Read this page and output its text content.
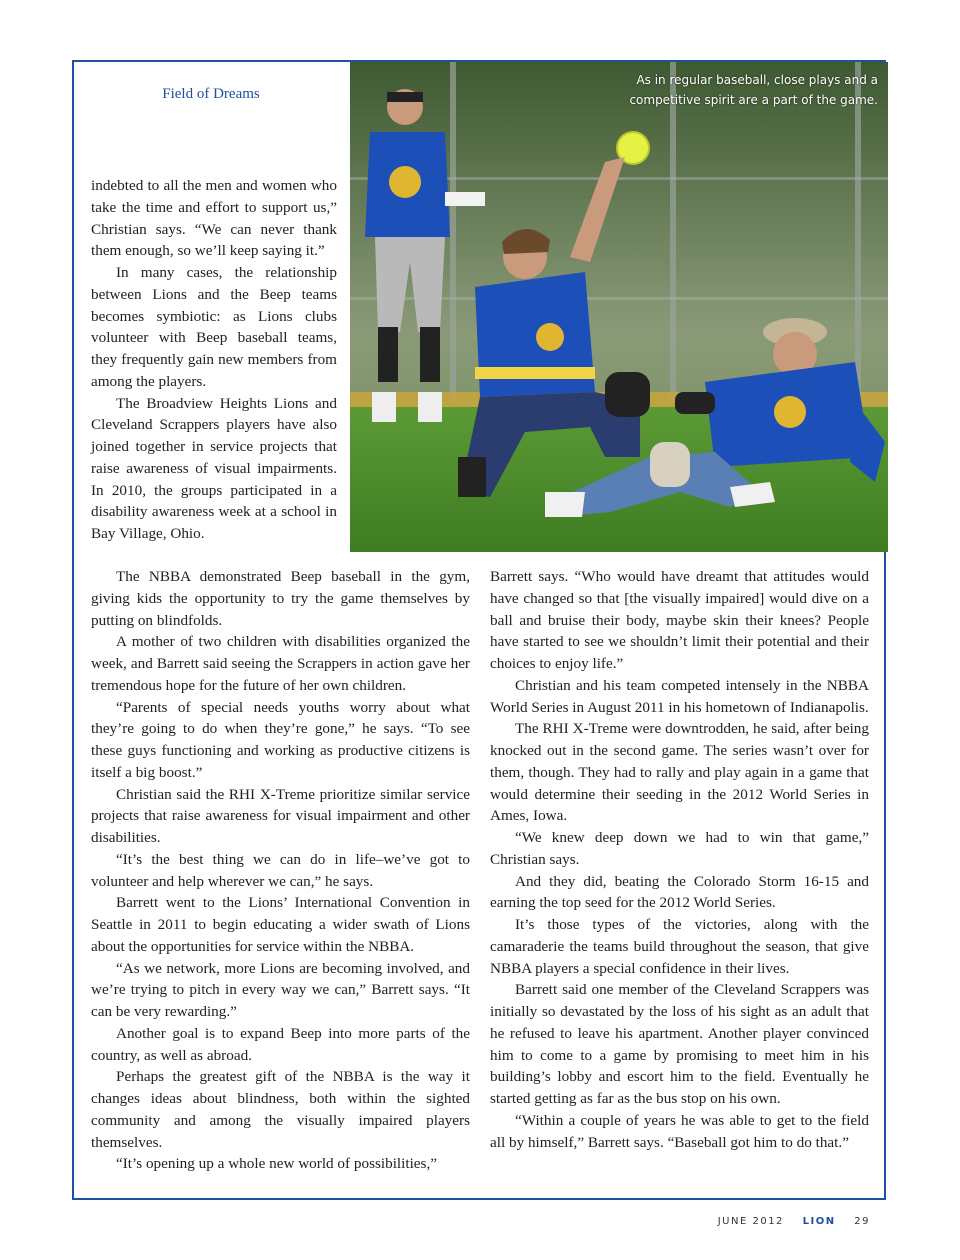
Field of Dreams
As in regular baseball, close plays and a competitive spirit are a part of the game.

indebted to all the men and women who take the time and effort to support us,” Christian says. “We can never thank them enough, so we’ll keep saying it.”

In many cases, the relationship between Lions and the Beep teams becomes symbiotic: as Lions clubs volunteer with Beep baseball teams, they frequently gain new members from among the players.

The Broadview Heights Lions and Cleveland Scrappers players have also joined together in service projects that raise awareness of visual impairments. In 2010, the groups participated in a disability awareness week at a school in Bay Village, Ohio.

The NBBA demonstrated Beep baseball in the gym, giving kids the opportunity to try the game themselves by putting on blindfolds.

A mother of two children with disabilities organized the week, and Barrett said seeing the Scrappers in action gave her tremendous hope for the future of her own children.

“Parents of special needs youths worry about what they’re going to do when they’re gone,” he says. “To see these guys functioning and working as productive citizens is itself a big boost.”

Christian said the RHI X-Treme prioritize similar service projects that raise awareness for visual impairment and other disabilities.

“It’s the best thing we can do in life–we’ve got to volunteer and help wherever we can,” he says.

Barrett went to the Lions’ International Convention in Seattle in 2011 to begin educating a wider swath of Lions about the opportunities for service within the NBBA.

“As we network, more Lions are becoming involved, and we’re trying to pitch in every way we can,” Barrett says. “It can be very rewarding.”

Another goal is to expand Beep into more parts of the country, as well as abroad.

Perhaps the greatest gift of the NBBA is the way it changes ideas about blindness, both within the sighted community and among the visually impaired players themselves.

“It’s opening up a whole new world of possibilities,”

Barrett says. “Who would have dreamt that attitudes would have changed so that [the visually impaired] would dive on a ball and bruise their body, maybe skin their knees? People have started to see we shouldn’t limit their potential and their choices to enjoy life.”

Christian and his team competed intensely in the NBBA World Series in August 2011 in his hometown of Indianapolis.

The RHI X-Treme were downtrodden, he said, after being knocked out in the second game. The series wasn’t over for them, though. They had to rally and play again in a game that would determine their seeding in the 2012 World Series in Ames, Iowa.

“We knew deep down we had to win that game,” Christian says.

And they did, beating the Colorado Storm 16-15 and earning the top seed for the 2012 World Series.

It’s those types of the victories, along with the camaraderie the teams build throughout the season, that give NBBA players a special confidence in their lives.

Barrett said one member of the Cleveland Scrappers was initially so devastated by the loss of his sight as an adult that he refused to leave his apartment. Another player convinced him to come to a game by promising to meet him in his building’s lobby and escort him to the field. Eventually he started getting as far as the bus stop on his own.

“Within a couple of years he was able to get to the field all by himself,” Barrett says. “Baseball got him to do that.”

JUNE 2012 LION 29
